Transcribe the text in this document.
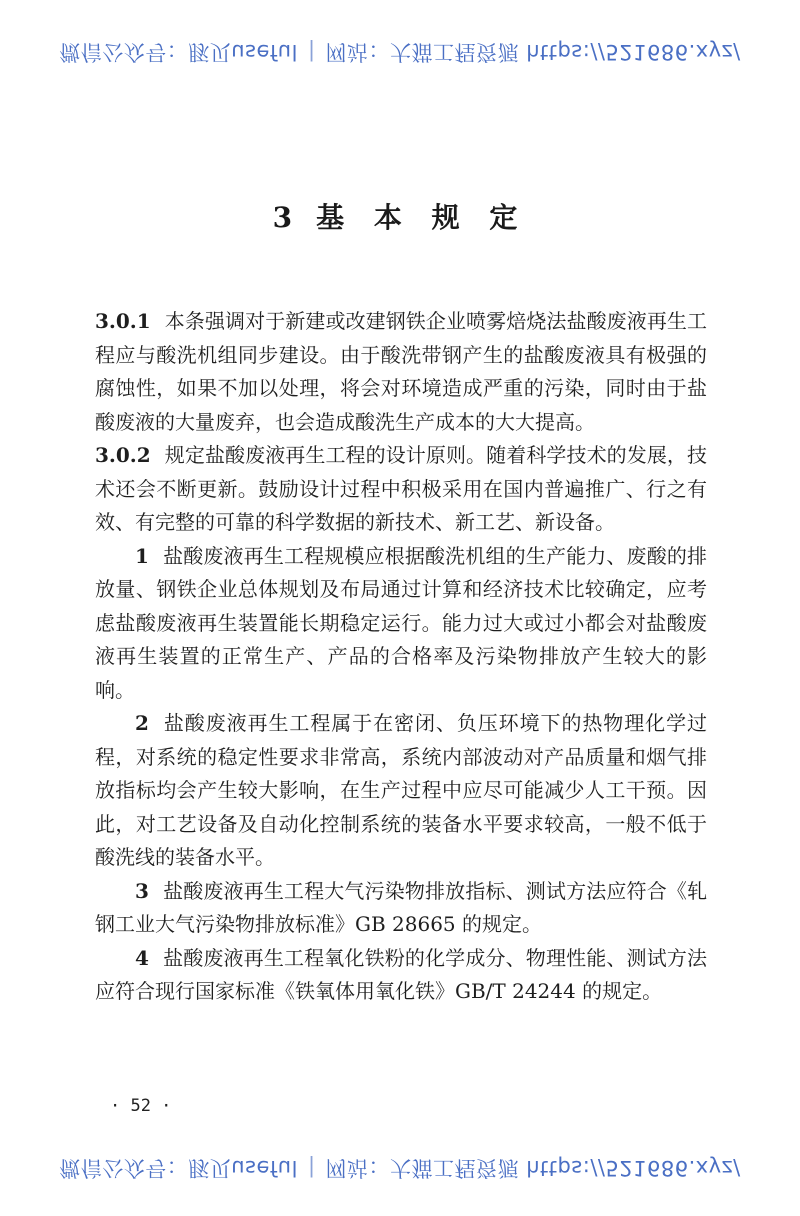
微信公众号：豚贝useful | 网站：大猫工程资源 https://521686.xyz/
3 基 本 规 定

3.0.1 本条强调对于新建或改建钢铁企业喷雾焙烧法盐酸废液再生工程应与酸洗机组同步建设。由于酸洗带钢产生的盐酸废液具有极强的腐蚀性，如果不加以处理，将会对环境造成严重的污染，同时由于盐酸废液的大量废弃，也会造成酸洗生产成本的大大提高。

3.0.2 规定盐酸废液再生工程的设计原则。随着科学技术的发展，技术还会不断更新。鼓励设计过程中积极采用在国内普遍推广、行之有效、有完整的可靠的科学数据的新技术、新工艺、新设备。

1 盐酸废液再生工程规模应根据酸洗机组的生产能力、废酸的排放量、钢铁企业总体规划及布局通过计算和经济技术比较确定，应考虑盐酸废液再生装置能长期稳定运行。能力过大或过小都会对盐酸废液再生装置的正常生产、产品的合格率及污染物排放产生较大的影响。

2 盐酸废液再生工程属于在密闭、负压环境下的热物理化学过程，对系统的稳定性要求非常高，系统内部波动对产品质量和烟气排放指标均会产生较大影响，在生产过程中应尽可能减少人工干预。因此，对工艺设备及自动化控制系统的装备水平要求较高，一般不低于酸洗线的装备水平。

3 盐酸废液再生工程大气污染物排放指标、测试方法应符合《轧钢工业大气污染物排放标准》GB 28665 的规定。

4 盐酸废液再生工程氧化铁粉的化学成分、物理性能、测试方法应符合现行国家标准《铁氧体用氧化铁》GB/T 24244 的规定。

· 52 ·
微信公众号：豚贝useful | 网站：大猫工程资源 https://521686.xyz/
